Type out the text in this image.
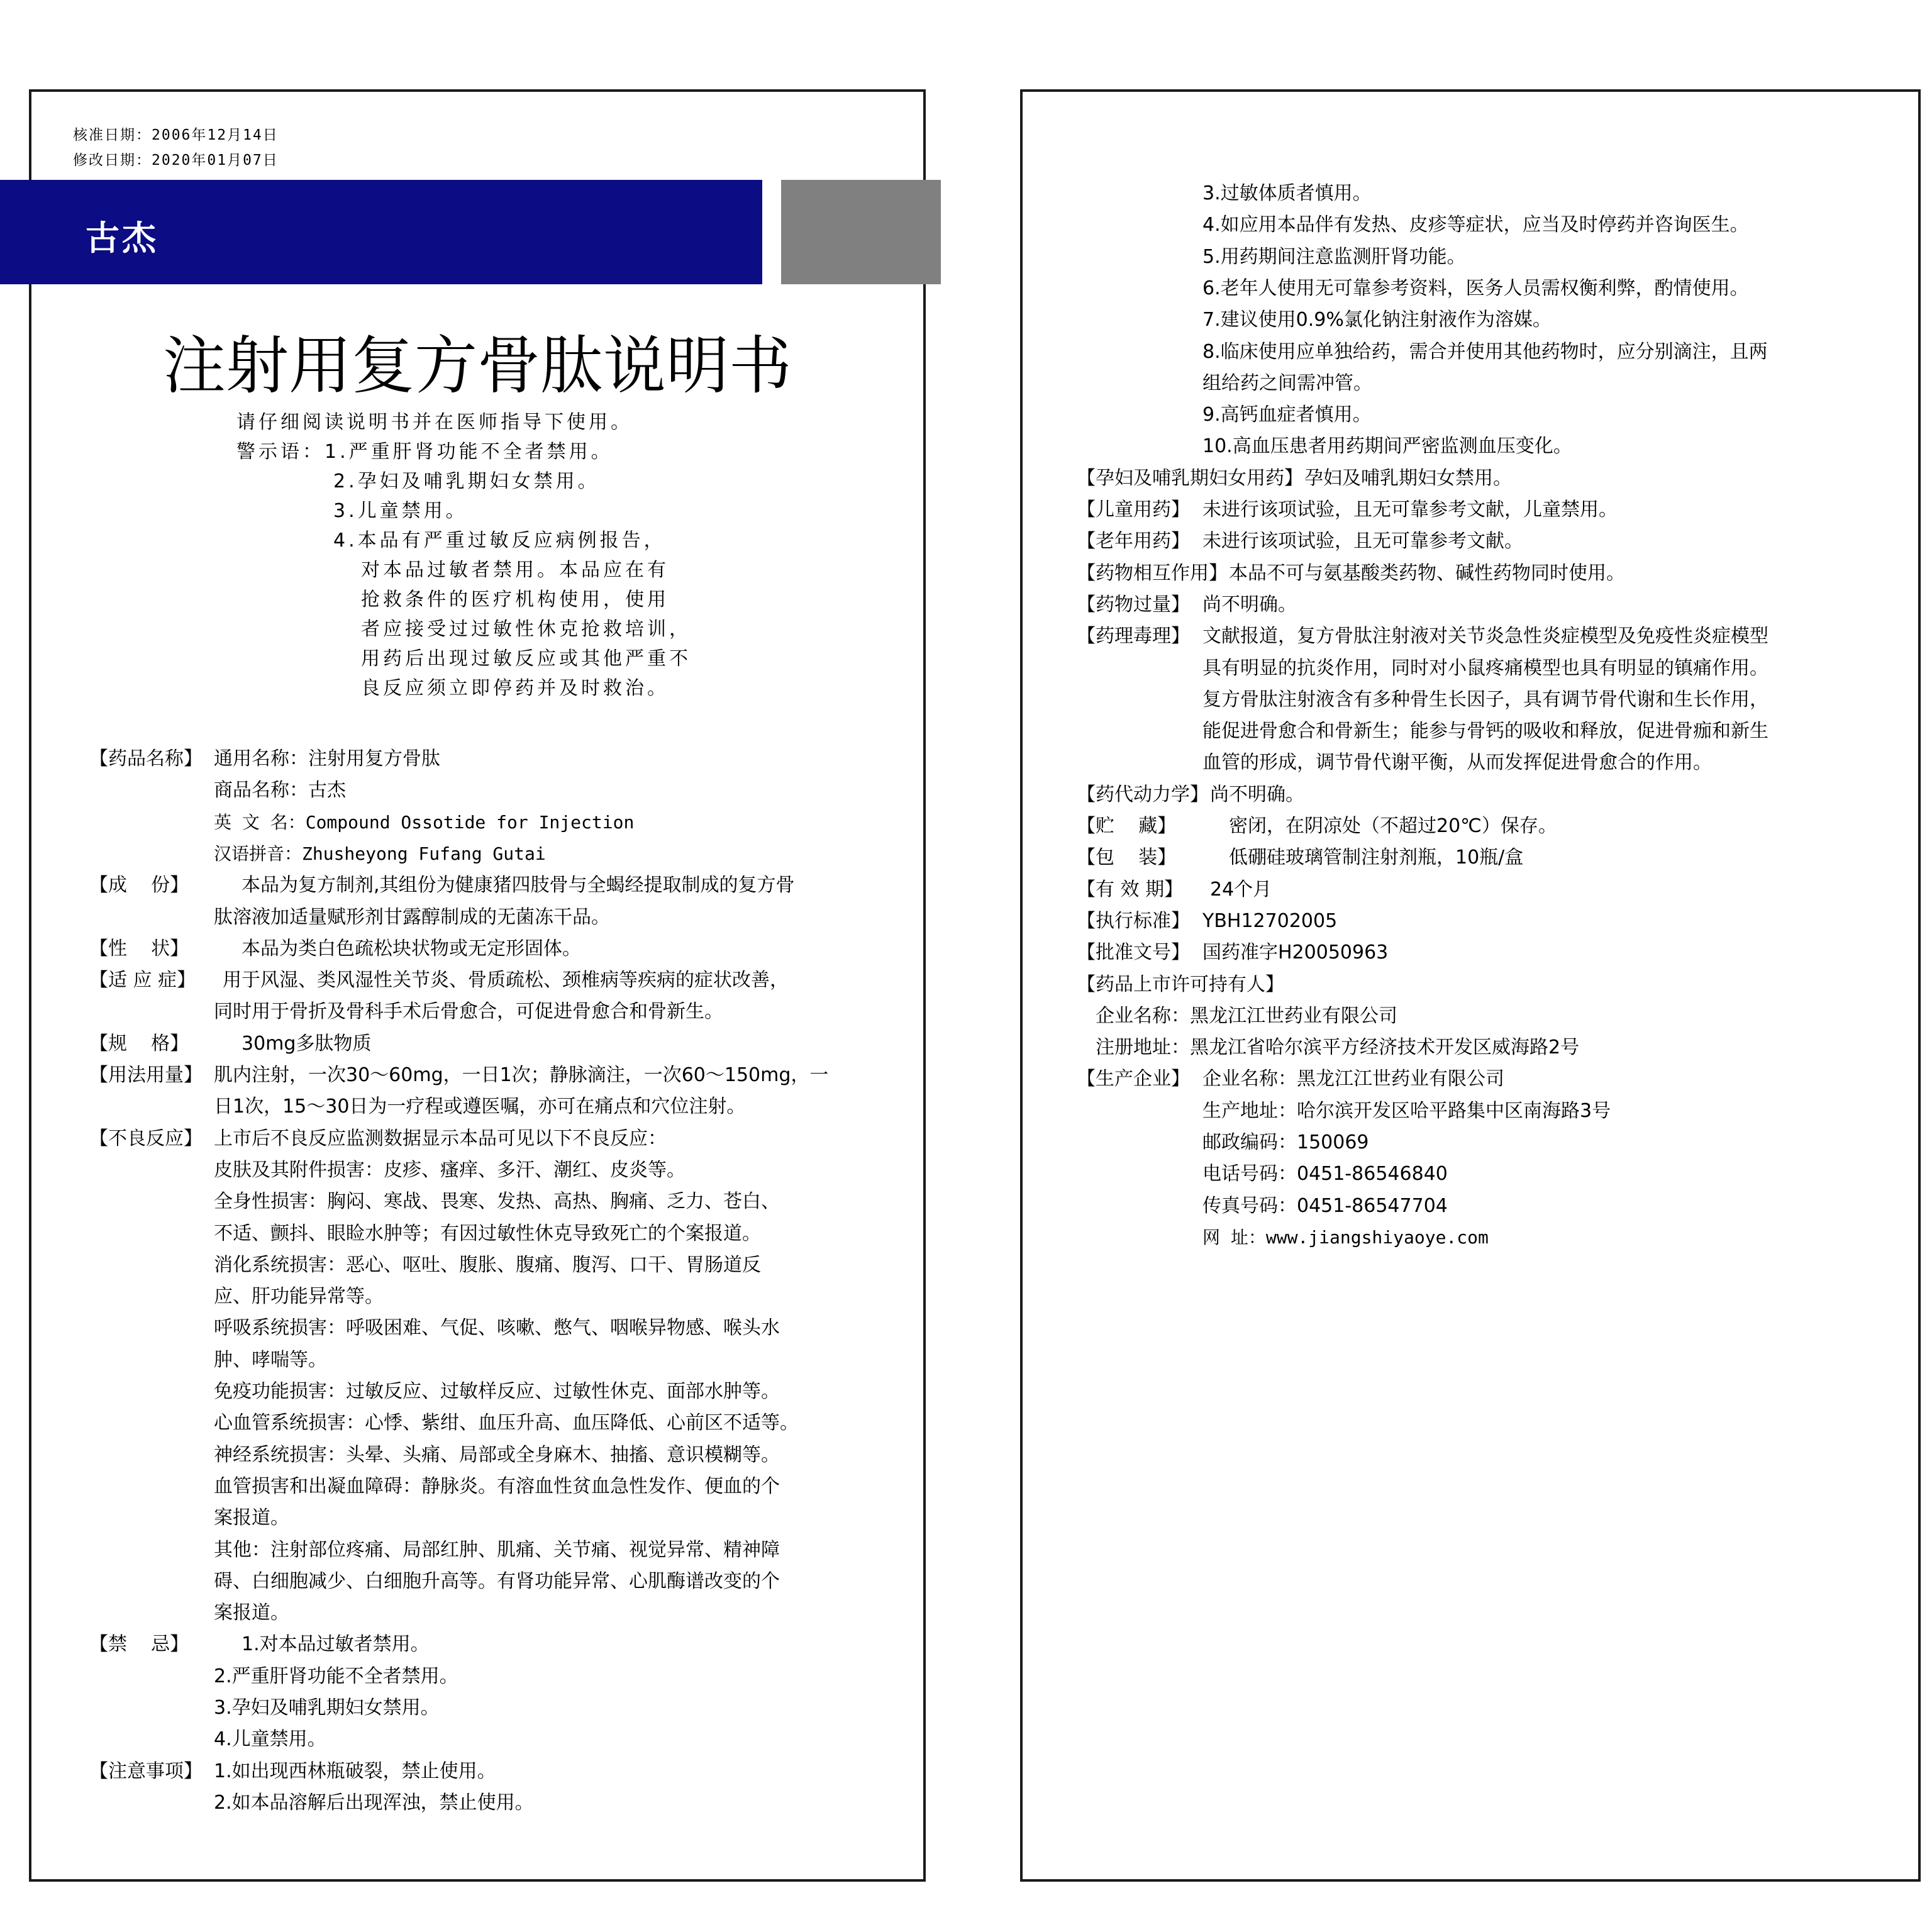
核准日期：2006年12月14日
修改日期：2020年01月07日
古杰
注射用复方骨肽说明书
请仔细阅读说明书并在医师指导下使用。
警示语：1.严重肝肾功能不全者禁用。
2.孕妇及哺乳期妇女禁用。
3.儿童禁用。
4.本品有严重过敏反应病例报告，
对本品过敏者禁用。本品应在有
抢救条件的医疗机构使用，使用
者应接受过过敏性休克抢救培训，
用药后出现过敏反应或其他严重不
良反应须立即停药并及时救治。
【药品名称】 通用名称：注射用复方骨肽
商品名称：古杰
英 文 名：Compound Ossotide for Injection
汉语拼音：Zhusheyong Fufang Gutai
【成    份】	本品为复方制剂,其组份为健康猪四肢骨与全蝎经提取制成的复方骨
肽溶液加适量赋形剂甘露醇制成的无菌冻干品。
【性    状】	本品为类白色疏松块状物或无定形固体。
【适 应 症】 用于风湿、类风湿性关节炎、骨质疏松、颈椎病等疾病的症状改善，
同时用于骨折及骨科手术后骨愈合，可促进骨愈合和骨新生。
【规    格】	30mg多肽物质
【用法用量】 肌内注射，一次30～60mg，一日1次；静脉滴注，一次60～150mg，一
日1次，15～30日为一疗程或遵医嘱，亦可在痛点和穴位注射。
【不良反应】 上市后不良反应监测数据显示本品可见以下不良反应：
皮肤及其附件损害：皮疹、瘙痒、多汗、潮红、皮炎等。
全身性损害：胸闷、寒战、畏寒、发热、高热、胸痛、乏力、苍白、
不适、颤抖、眼睑水肿等；有因过敏性休克导致死亡的个案报道。
消化系统损害：恶心、呕吐、腹胀、腹痛、腹泻、口干、胃肠道反
应、肝功能异常等。
呼吸系统损害：呼吸困难、气促、咳嗽、憋气、咽喉异物感、喉头水
肿、哮喘等。
免疫功能损害：过敏反应、过敏样反应、过敏性休克、面部水肿等。
心血管系统损害：心悸、紫绀、血压升高、血压降低、心前区不适等。
神经系统损害：头晕、头痛、局部或全身麻木、抽搐、意识模糊等。
血管损害和出凝血障碍：静脉炎。有溶血性贫血急性发作、便血的个
案报道。
其他：注射部位疼痛、局部红肿、肌痛、关节痛、视觉异常、精神障
碍、白细胞减少、白细胞升高等。有肾功能异常、心肌酶谱改变的个
案报道。
【禁    忌】	1.对本品过敏者禁用。
2.严重肝肾功能不全者禁用。
3.孕妇及哺乳期妇女禁用。
4.儿童禁用。
【注意事项】 1.如出现西林瓶破裂，禁止使用。
2.如本品溶解后出现浑浊，禁止使用。
3.过敏体质者慎用。
4.如应用本品伴有发热、皮疹等症状，应当及时停药并咨询医生。
5.用药期间注意监测肝肾功能。
6.老年人使用无可靠参考资料，医务人员需权衡利弊，酌情使用。
7.建议使用0.9%氯化钠注射液作为溶媒。
8.临床使用应单独给药，需合并使用其他药物时，应分别滴注，且两
组给药之间需冲管。
9.高钙血症者慎用。
10.高血压患者用药期间严密监测血压变化。
【孕妇及哺乳期妇女用药】 孕妇及哺乳期妇女禁用。
【儿童用药】 未进行该项试验，且无可靠参考文献，儿童禁用。
【老年用药】 未进行该项试验，且无可靠参考文献。
【药物相互作用】 本品不可与氨基酸类药物、碱性药物同时使用。
【药物过量】 尚不明确。
【药理毒理】 文献报道，复方骨肽注射液对关节炎急性炎症模型及免疫性炎症模型
具有明显的抗炎作用，同时对小鼠疼痛模型也具有明显的镇痛作用。
复方骨肽注射液含有多种骨生长因子，具有调节骨代谢和生长作用，
能促进骨愈合和骨新生；能参与骨钙的吸收和释放，促进骨痂和新生
血管的形成，调节骨代谢平衡，从而发挥促进骨愈合的作用。
【药代动力学】 尚不明确。
【贮    藏】	密闭，在阴凉处（不超过20℃）保存。
【包    装】	低硼硅玻璃管制注射剂瓶，10瓶/盒
【有 效 期】 24个月
【执行标准】 YBH12702005
【批准文号】 国药准字H20050963
【药品上市许可持有人】
企业名称：黑龙江江世药业有限公司
注册地址：黑龙江省哈尔滨平方经济技术开发区威海路2号
【生产企业】 企业名称：黑龙江江世药业有限公司
生产地址：哈尔滨开发区哈平路集中区南海路3号
邮政编码：150069
电话号码：0451-86546840
传真号码：0451-86547704
网 址：www.jiangshiyaoye.com
